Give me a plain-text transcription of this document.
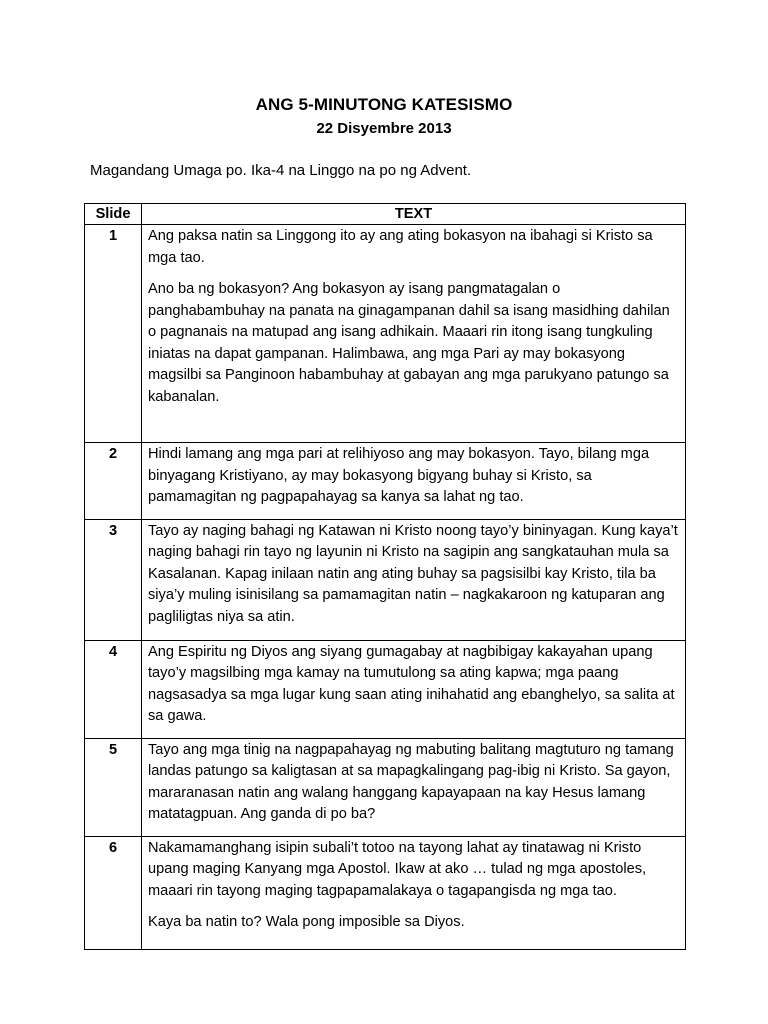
ANG 5-MINUTONG KATESISMO
22 Disyembre 2013
Magandang Umaga po. Ika-4 na Linggo na po ng Advent.
Slide	TEXT
1	Ang paksa natin sa Linggong ito ay ang ating bokasyon na ibahagi si Kristo sa mga tao.

Ano ba ng bokasyon? Ang bokasyon ay isang pangmatagalan o panghabambuhay na panata na ginagampanan dahil sa isang masidhing dahilan o pagnanais na matupad ang isang adhikain. Maaari rin itong isang tungkuling iniatas na dapat gampanan. Halimbawa, ang mga Pari ay may bokasyong magsilbi sa Panginoon habambuhay at gabayan ang mga parukyano patungo sa kabanalan.

2	Hindi lamang ang mga pari at relihiyoso ang may bokasyon. Tayo, bilang mga binyagang Kristiyano, ay may bokasyong bigyang buhay si Kristo, sa pamamagitan ng pagpapahayag sa kanya sa lahat ng tao.

3	Tayo ay naging bahagi ng Katawan ni Kristo noong tayo’y bininyagan. Kung kaya’t naging bahagi rin tayo ng layunin ni Kristo na sagipin ang sangkatauhan mula sa Kasalanan. Kapag inilaan natin ang ating buhay sa pagsisilbi kay Kristo, tila ba siya’y muling isinisilang sa pamamagitan natin – nagkakaroon ng katuparan ang pagliligtas niya sa atin.

4	Ang Espiritu ng Diyos ang siyang gumagabay at nagbibigay kakayahan upang tayo’y magsilbing mga kamay na tumutulong sa ating kapwa; mga paang nagsasadya sa mga lugar kung saan ating inihahatid ang ebanghelyo, sa salita at sa gawa.

5	Tayo ang mga tinig na nagpapahayag ng mabuting balitang magtuturo ng tamang landas patungo sa kaligtasan at sa mapagkalingang pag-ibig ni Kristo. Sa gayon, mararanasan natin ang walang hanggang kapayapaan na kay Hesus lamang matatagpuan. Ang ganda di po ba?

6	Nakamamanghang isipin subali’t totoo na tayong lahat ay tinatawag ni Kristo upang maging Kanyang mga Apostol. Ikaw at ako … tulad ng mga apostoles, maaari rin tayong maging tagpapamalakaya o tagapangisda ng mga tao.

Kaya ba natin to? Wala pong imposible sa Diyos.
